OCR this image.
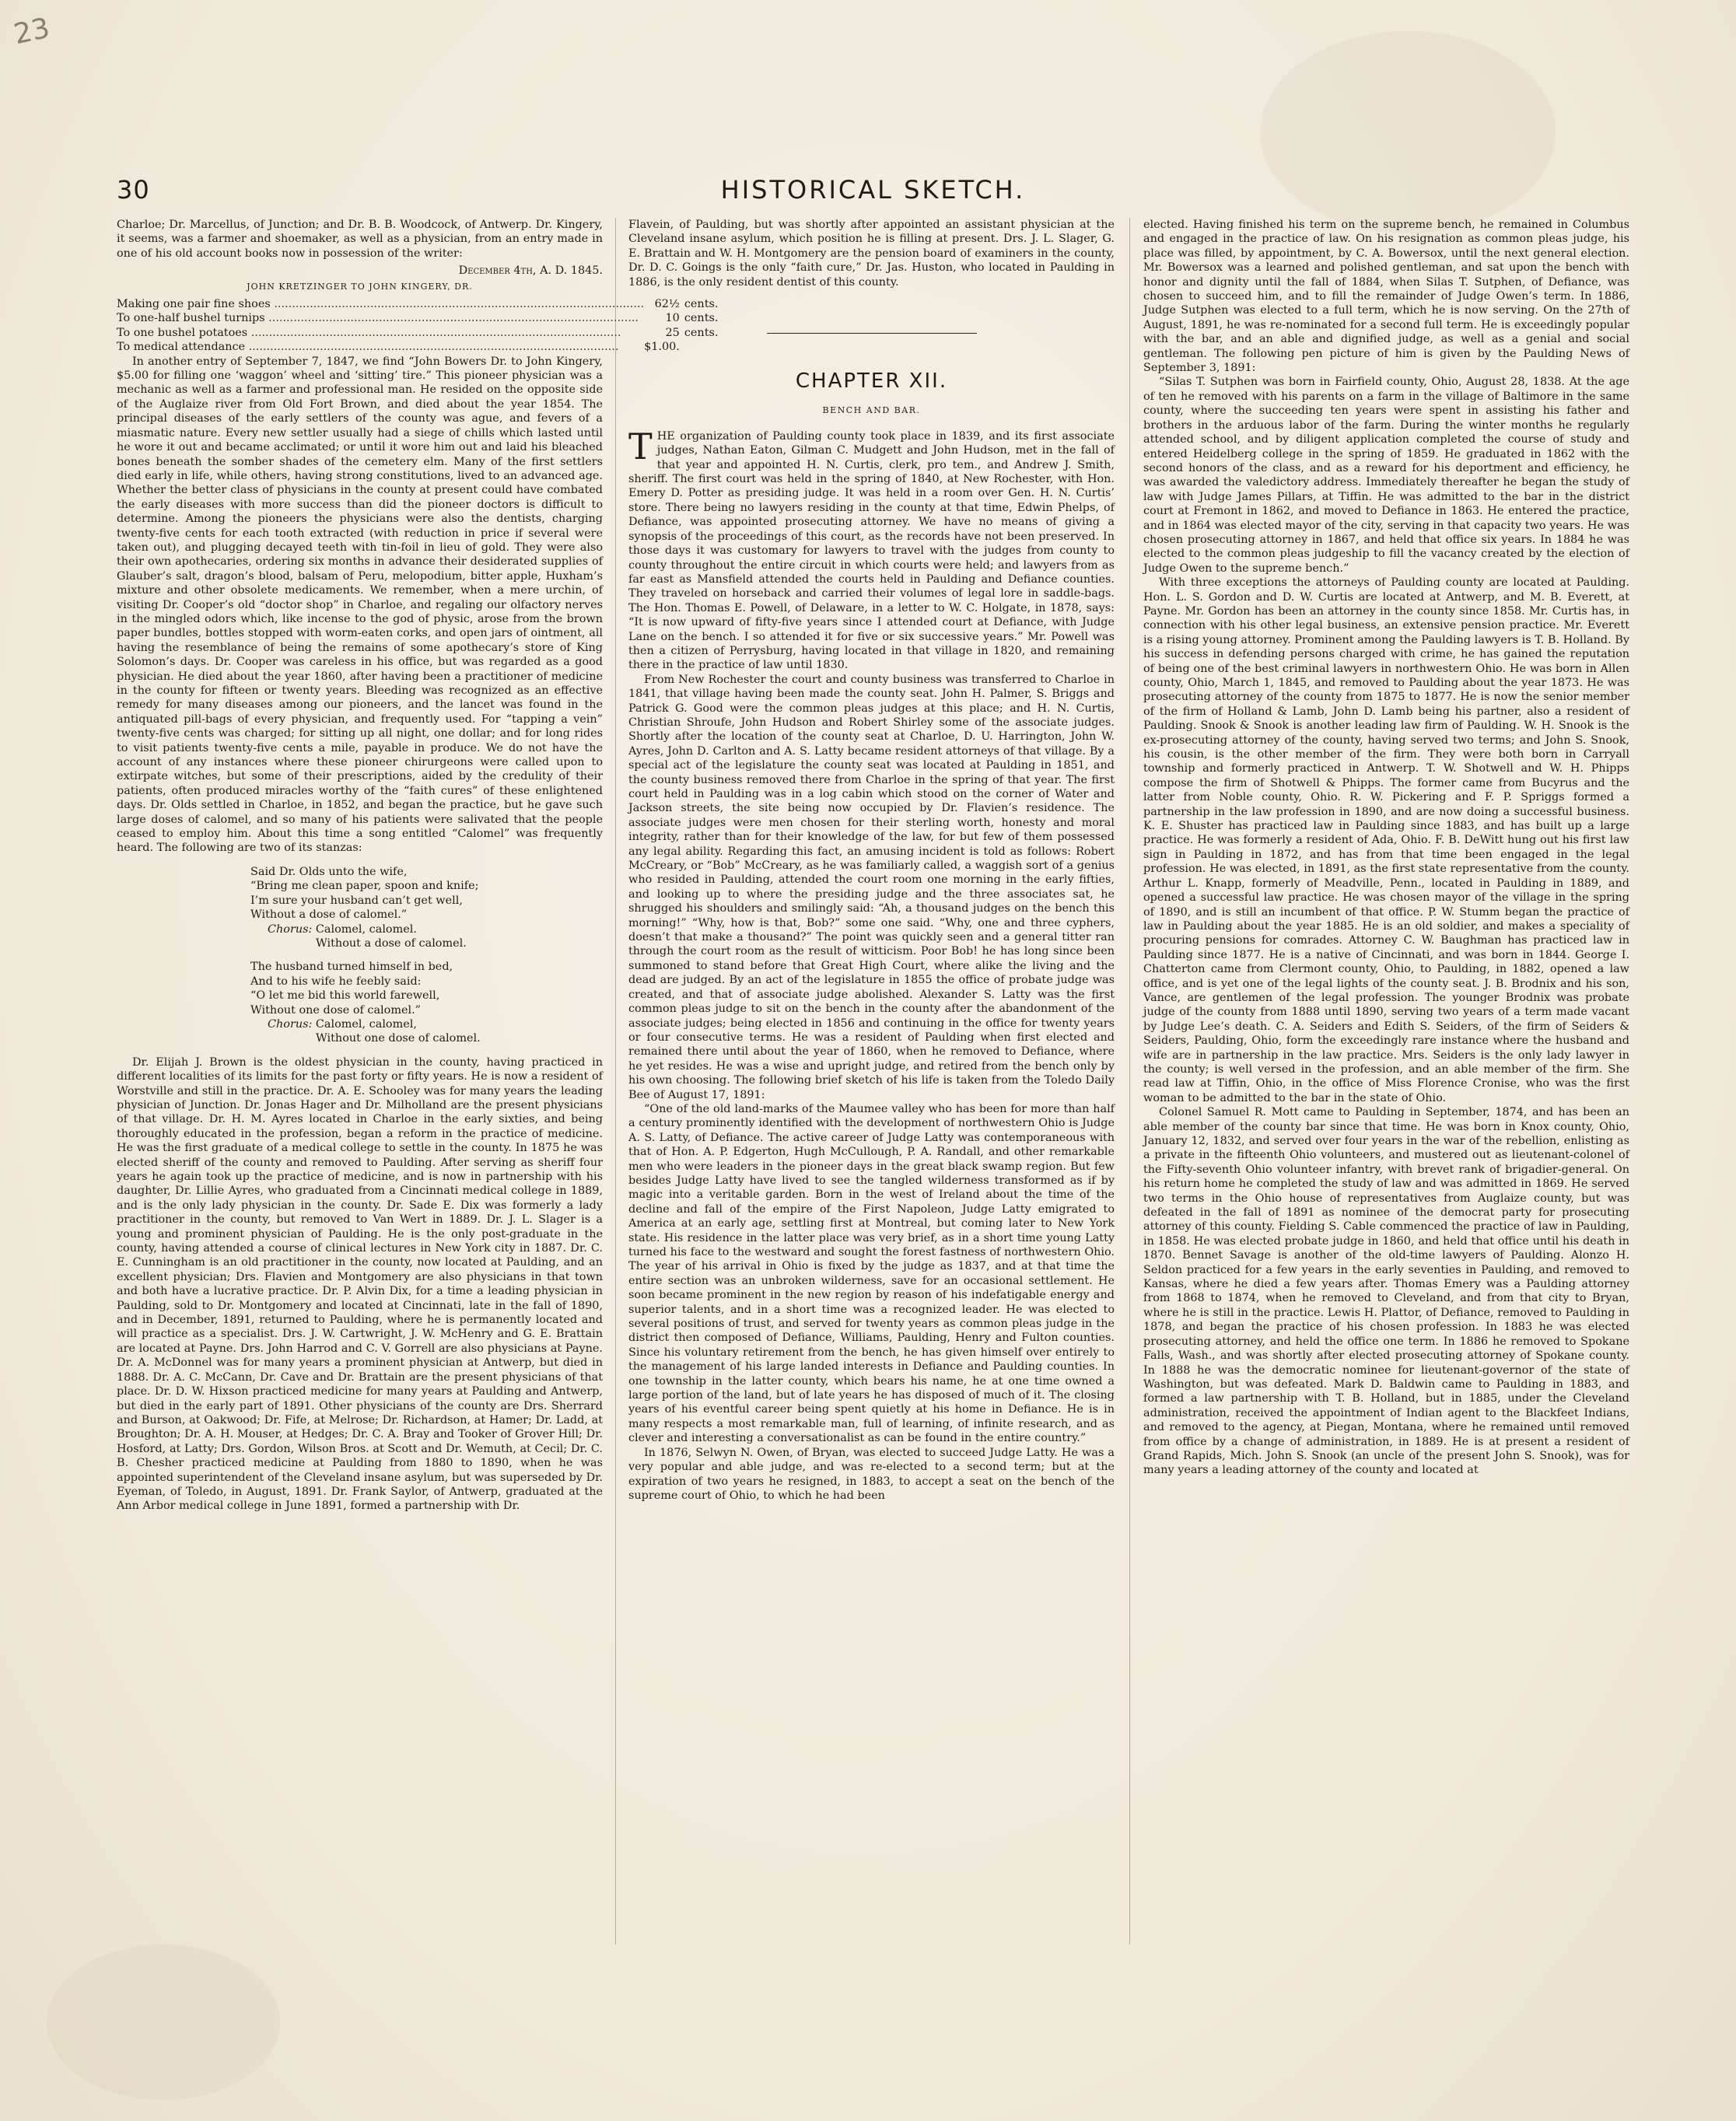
23
30	HISTORICAL SKETCH.

Charloe; Dr. Marcellus, of Junction; and Dr. B. B. Woodcock, of Antwerp. Dr. Kingery, it seems, was a farmer and shoemaker, as well as a physician, from an entry made in one of his old account books now in possession of the writer:

December 4th, A. D. 1845.
JOHN KRETZINGER TO JOHN KINGERY, DR.
Making one pair fine shoes .....	62½	cents.
To one-half bushel turnips .....	10	cents.
To one bushel potatoes .....	25	cents.
To medical attendance .....	$1.00.	

In another entry of September 7, 1847, we find “John Bowers Dr. to John Kingery, $5.00 for filling one ‘waggon’ wheel and ‘sitting’ tire.” This pioneer physician was a mechanic as well as a farmer and professional man. He resided on the opposite side of the Auglaize river from Old Fort Brown, and died about the year 1854. The principal diseases of the early settlers of the county was ague, and fevers of a miasmatic nature. Every new settler usually had a siege of chills which lasted until he wore it out and became acclimated; or until it wore him out and laid his bleached bones beneath the somber shades of the cemetery elm. Many of the first settlers died early in life, while others, having strong constitutions, lived to an advanced age. Whether the better class of physicians in the county at present could have combated the early diseases with more success than did the pioneer doctors is difficult to determine. Among the pioneers the physicians were also the dentists, charging twenty-five cents for each tooth extracted (with reduction in price if several were taken out), and plugging decayed teeth with tin-foil in lieu of gold. They were also their own apothecaries, ordering six months in advance their desiderated supplies of Glauber’s salt, dragon’s blood, balsam of Peru, melopodium, bitter apple, Huxham’s mixture and other obsolete medicaments. We remember, when a mere urchin, of visiting Dr. Cooper’s old “doctor shop” in Charloe, and regaling our olfactory nerves in the mingled odors which, like incense to the god of physic, arose from the brown paper bundles, bottles stopped with worm-eaten corks, and open jars of ointment, all having the resemblance of being the remains of some apothecary’s store of King Solomon’s days. Dr. Cooper was careless in his office, but was regarded as a good physician. He died about the year 1860, after having been a practitioner of medicine in the county for fifteen or twenty years. Bleeding was recognized as an effective remedy for many diseases among our pioneers, and the lancet was found in the antiquated pill-bags of every physician, and frequently used. For “tapping a vein” twenty-five cents was charged; for sitting up all night, one dollar; and for long rides to visit patients twenty-five cents a mile, payable in produce. We do not have the account of any instances where these pioneer chirurgeons were called upon to extirpate witches, but some of their prescriptions, aided by the credulity of their patients, often produced miracles worthy of the “faith cures” of these enlightened days. Dr. Olds settled in Charloe, in 1852, and began the practice, but he gave such large doses of calomel, and so many of his patients were salivated that the people ceased to employ him. About this time a song entitled “Calomel” was frequently heard. The following are two of its stanzas:

Said Dr. Olds unto the wife,
“Bring me clean paper, spoon and knife;
I’m sure your husband can’t get well,
Without a dose of calomel.”
Chorus: Calomel, calomel.
Without a dose of calomel.
The husband turned himself in bed,
And to his wife he feebly said:
“O let me bid this world farewell,
Without one dose of calomel.”
Chorus: Calomel, calomel,
Without one dose of calomel.

Dr. Elijah J. Brown is the oldest physician in the county, having practiced in different localities of its limits for the past forty or fifty years. He is now a resident of Worstville and still in the practice. Dr. A. E. Schooley was for many years the leading physician of Junction. Dr. Jonas Hager and Dr. Milholland are the present physicians of that village. Dr. H. M. Ayres located in Charloe in the early sixties, and being thoroughly educated in the profession, began a reform in the practice of medicine. He was the first graduate of a medical college to settle in the county. In 1875 he was elected sheriff of the county and removed to Paulding. After serving as sheriff four years he again took up the practice of medicine, and is now in partnership with his daughter, Dr. Lillie Ayres, who graduated from a Cincinnati medical college in 1889, and is the only lady physician in the county. Dr. Sade E. Dix was formerly a lady practitioner in the county, but removed to Van Wert in 1889. Dr. J. L. Slager is a young and prominent physician of Paulding. He is the only post-graduate in the county, having attended a course of clinical lectures in New York city in 1887. Dr. C. E. Cunningham is an old practitioner in the county, now located at Paulding, and an excellent physician; Drs. Flavien and Montgomery are also physicians in that town and both have a lucrative practice. Dr. P. Alvin Dix, for a time a leading physician in Paulding, sold to Dr. Montgomery and located at Cincinnati, late in the fall of 1890, and in December, 1891, returned to Paulding, where he is permanently located and will practice as a specialist. Drs. J. W. Cartwright, J. W. McHenry and G. E. Brattain are located at Payne. Drs. John Harrod and C. V. Gorrell are also physicians at Payne. Dr. A. McDonnel was for many years a prominent physician at Antwerp, but died in 1888. Dr. A. C. McCann, Dr. Cave and Dr. Brattain are the present physicians of that place. Dr. D. W. Hixson practiced medicine for many years at Paulding and Antwerp, but died in the early part of 1891. Other physicians of the county are Drs. Sherrard and Burson, at Oakwood; Dr. Fife, at Melrose; Dr. Richardson, at Hamer; Dr. Ladd, at Broughton; Dr. A. H. Mouser, at Hedges; Dr. C. A. Bray and Tooker of Grover Hill; Dr. Hosford, at Latty; Drs. Gordon, Wilson Bros. at Scott and Dr. Wemuth, at Cecil; Dr. C. B. Chesher practiced medicine at Paulding from 1880 to 1890, when he was appointed superintendent of the Cleveland insane asylum, but was superseded by Dr. Eyeman, of Toledo, in August, 1891. Dr. Frank Saylor, of Antwerp, graduated at the Ann Arbor medical college in June 1891, formed a partnership with Dr.

Flavein, of Paulding, but was shortly after appointed an assistant physician at the Cleveland insane asylum, which position he is filling at present. Drs. J. L. Slager, G. E. Brattain and W. H. Montgomery are the pension board of examiners in the county, Dr. D. C. Goings is the only “faith cure,” Dr. Jas. Huston, who located in Paulding in 1886, is the only resident dentist of this county.

CHAPTER XII.
BENCH AND BAR.

THE organization of Paulding county took place in 1839, and its first associate judges, Nathan Eaton, Gilman C. Mudgett and John Hudson, met in the fall of that year and appointed H. N. Curtis, clerk, pro tem., and Andrew J. Smith, sheriff. The first court was held in the spring of 1840, at New Rochester, with Hon. Emery D. Potter as presiding judge. It was held in a room over Gen. H. N. Curtis’ store. There being no lawyers residing in the county at that time, Edwin Phelps, of Defiance, was appointed prosecuting attorney. We have no means of giving a synopsis of the proceedings of this court, as the records have not been preserved. In those days it was customary for lawyers to travel with the judges from county to county throughout the entire circuit in which courts were held; and lawyers from as far east as Mansfield attended the courts held in Paulding and Defiance counties. They traveled on horseback and carried their volumes of legal lore in saddle-bags. The Hon. Thomas E. Powell, of Delaware, in a letter to W. C. Holgate, in 1878, says: “It is now upward of fifty-five years since I attended court at Defiance, with Judge Lane on the bench. I so attended it for five or six successive years.” Mr. Powell was then a citizen of Perrysburg, having located in that village in 1820, and remaining there in the practice of law until 1830.

From New Rochester the court and county business was transferred to Charloe in 1841, that village having been made the county seat. John H. Palmer, S. Briggs and Patrick G. Good were the common pleas judges at this place; and H. N. Curtis, Christian Shroufe, John Hudson and Robert Shirley some of the associate judges. Shortly after the location of the county seat at Charloe, D. U. Harrington, John W. Ayres, John D. Carlton and A. S. Latty became resident attorneys of that village. By a special act of the legislature the county seat was located at Paulding in 1851, and the county business removed there from Charloe in the spring of that year. The first court held in Paulding was in a log cabin which stood on the corner of Water and Jackson streets, the site being now occupied by Dr. Flavien’s residence. The associate judges were men chosen for their sterling worth, honesty and moral integrity, rather than for their knowledge of the law, for but few of them possessed any legal ability. Regarding this fact, an amusing incident is told as follows: Robert McCreary, or “Bob” McCreary, as he was familiarly called, a waggish sort of a genius who resided in Paulding, attended the court room one morning in the early fifties, and looking up to where the presiding judge and the three associates sat, he shrugged his shoulders and smilingly said: “Ah, a thousand judges on the bench this morning!” “Why, how is that, Bob?” some one said. “Why, one and three cyphers, doesn’t that make a thousand?” The point was quickly seen and a general titter ran through the court room as the result of witticism. Poor Bob! he has long since been summoned to stand before that Great High Court, where alike the living and the dead are judged. By an act of the legislature in 1855 the office of probate judge was created, and that of associate judge abolished. Alexander S. Latty was the first common pleas judge to sit on the bench in the county after the abandonment of the associate judges; being elected in 1856 and continuing in the office for twenty years or four consecutive terms. He was a resident of Paulding when first elected and remained there until about the year of 1860, when he removed to Defiance, where he yet resides. He was a wise and upright judge, and retired from the bench only by his own choosing. The following brief sketch of his life is taken from the Toledo Daily Bee of August 17, 1891:

“One of the old land-marks of the Maumee valley who has been for more than half a century prominently identified with the development of northwestern Ohio is Judge A. S. Latty, of Defiance. The active career of Judge Latty was contemporaneous with that of Hon. A. P. Edgerton, Hugh McCullough, P. A. Randall, and other remarkable men who were leaders in the pioneer days in the great black swamp region. But few besides Judge Latty have lived to see the tangled wilderness transformed as if by magic into a veritable garden. Born in the west of Ireland about the time of the decline and fall of the empire of the First Napoleon, Judge Latty emigrated to America at an early age, settling first at Montreal, but coming later to New York state. His residence in the latter place was very brief, as in a short time young Latty turned his face to the westward and sought the forest fastness of northwestern Ohio. The year of his arrival in Ohio is fixed by the judge as 1837, and at that time the entire section was an unbroken wilderness, save for an occasional settlement. He soon became prominent in the new region by reason of his indefatigable energy and superior talents, and in a short time was a recognized leader. He was elected to several positions of trust, and served for twenty years as common pleas judge in the district then composed of Defiance, Williams, Paulding, Henry and Fulton counties. Since his voluntary retirement from the bench, he has given himself over entirely to the management of his large landed interests in Defiance and Paulding counties. In one township in the latter county, which bears his name, he at one time owned a large portion of the land, but of late years he has disposed of much of it. The closing years of his eventful career being spent quietly at his home in Defiance. He is in many respects a most remarkable man, full of learning, of infinite research, and as clever and interesting a conversationalist as can be found in the entire country.”

In 1876, Selwyn N. Owen, of Bryan, was elected to succeed Judge Latty. He was a very popular and able judge, and was re-elected to a second term; but at the expiration of two years he resigned, in 1883, to accept a seat on the bench of the supreme court of Ohio, to which he had been

elected. Having finished his term on the supreme bench, he remained in Columbus and engaged in the practice of law. On his resignation as common pleas judge, his place was filled, by appointment, by C. A. Bowersox, until the next general election. Mr. Bowersox was a learned and polished gentleman, and sat upon the bench with honor and dignity until the fall of 1884, when Silas T. Sutphen, of Defiance, was chosen to succeed him, and to fill the remainder of Judge Owen’s term. In 1886, Judge Sutphen was elected to a full term, which he is now serving. On the 27th of August, 1891, he was re-nominated for a second full term. He is exceedingly popular with the bar, and an able and dignified judge, as well as a genial and social gentleman. The following pen picture of him is given by the Paulding News of September 3, 1891:

“Silas T. Sutphen was born in Fairfield county, Ohio, August 28, 1838. At the age of ten he removed with his parents on a farm in the village of Baltimore in the same county, where the succeeding ten years were spent in assisting his father and brothers in the arduous labor of the farm. During the winter months he regularly attended school, and by diligent application completed the course of study and entered Heidelberg college in the spring of 1859. He graduated in 1862 with the second honors of the class, and as a reward for his deportment and efficiency, he was awarded the valedictory address. Immediately thereafter he began the study of law with Judge James Pillars, at Tiffin. He was admitted to the bar in the district court at Fremont in 1862, and moved to Defiance in 1863. He entered the practice, and in 1864 was elected mayor of the city, serving in that capacity two years. He was chosen prosecuting attorney in 1867, and held that office six years. In 1884 he was elected to the common pleas judgeship to fill the vacancy created by the election of Judge Owen to the supreme bench.”

With three exceptions the attorneys of Paulding county are located at Paulding. Hon. L. S. Gordon and D. W. Curtis are located at Antwerp, and M. B. Everett, at Payne. Mr. Gordon has been an attorney in the county since 1858. Mr. Curtis has, in connection with his other legal business, an extensive pension practice. Mr. Everett is a rising young attorney. Prominent among the Paulding lawyers is T. B. Holland. By his success in defending persons charged with crime, he has gained the reputation of being one of the best criminal lawyers in northwestern Ohio. He was born in Allen county, Ohio, March 1, 1845, and removed to Paulding about the year 1873. He was prosecuting attorney of the county from 1875 to 1877. He is now the senior member of the firm of Holland & Lamb, John D. Lamb being his partner, also a resident of Paulding. Snook & Snook is another leading law firm of Paulding. W. H. Snook is the ex-prosecuting attorney of the county, having served two terms; and John S. Snook, his cousin, is the other member of the firm. They were both born in Carryall township and formerly practiced in Antwerp. T. W. Shotwell and W. H. Phipps compose the firm of Shotwell & Phipps. The former came from Bucyrus and the latter from Noble county, Ohio. R. W. Pickering and F. P. Spriggs formed a partnership in the law profession in 1890, and are now doing a successful business. K. E. Shuster has practiced law in Paulding since 1883, and has built up a large practice. He was formerly a resident of Ada, Ohio. F. B. DeWitt hung out his first law sign in Paulding in 1872, and has from that time been engaged in the legal profession. He was elected, in 1891, as the first state representative from the county. Arthur L. Knapp, formerly of Meadville, Penn., located in Paulding in 1889, and opened a successful law practice. He was chosen mayor of the village in the spring of 1890, and is still an incumbent of that office. P. W. Stumm began the practice of law in Paulding about the year 1885. He is an old soldier, and makes a speciality of procuring pensions for comrades. Attorney C. W. Baughman has practiced law in Paulding since 1877. He is a native of Cincinnati, and was born in 1844. George I. Chatterton came from Clermont county, Ohio, to Paulding, in 1882, opened a law office, and is yet one of the legal lights of the county seat. J. B. Brodnix and his son, Vance, are gentlemen of the legal profession. The younger Brodnix was probate judge of the county from 1888 until 1890, serving two years of a term made vacant by Judge Lee’s death. C. A. Seiders and Edith S. Seiders, of the firm of Seiders & Seiders, Paulding, Ohio, form the exceedingly rare instance where the husband and wife are in partnership in the law practice. Mrs. Seiders is the only lady lawyer in the county; is well versed in the profession, and an able member of the firm. She read law at Tiffin, Ohio, in the office of Miss Florence Cronise, who was the first woman to be admitted to the bar in the state of Ohio.

Colonel Samuel R. Mott came to Paulding in September, 1874, and has been an able member of the county bar since that time. He was born in Knox county, Ohio, January 12, 1832, and served over four years in the war of the rebellion, enlisting as a private in the fifteenth Ohio volunteers, and mustered out as lieutenant-colonel of the Fifty-seventh Ohio volunteer infantry, with brevet rank of brigadier-general. On his return home he completed the study of law and was admitted in 1869. He served two terms in the Ohio house of representatives from Auglaize county, but was defeated in the fall of 1891 as nominee of the democrat party for prosecuting attorney of this county. Fielding S. Cable commenced the practice of law in Paulding, in 1858. He was elected probate judge in 1860, and held that office until his death in 1870. Bennet Savage is another of the old-time lawyers of Paulding. Alonzo H. Seldon practiced for a few years in the early seventies in Paulding, and removed to Kansas, where he died a few years after. Thomas Emery was a Paulding attorney from 1868 to 1874, when he removed to Cleveland, and from that city to Bryan, where he is still in the practice. Lewis H. Plattor, of Defiance, removed to Paulding in 1878, and began the practice of his chosen profession. In 1883 he was elected prosecuting attorney, and held the office one term. In 1886 he removed to Spokane Falls, Wash., and was shortly after elected prosecuting attorney of Spokane county. In 1888 he was the democratic nominee for lieutenant-governor of the state of Washington, but was defeated. Mark D. Baldwin came to Paulding in 1883, and formed a law partnership with T. B. Holland, but in 1885, under the Cleveland administration, received the appointment of Indian agent to the Blackfeet Indians, and removed to the agency, at Piegan, Montana, where he remained until removed from office by a change of administration, in 1889. He is at present a resident of Grand Rapids, Mich. John S. Snook (an uncle of the present John S. Snook), was for many years a leading attorney of the county and located at
